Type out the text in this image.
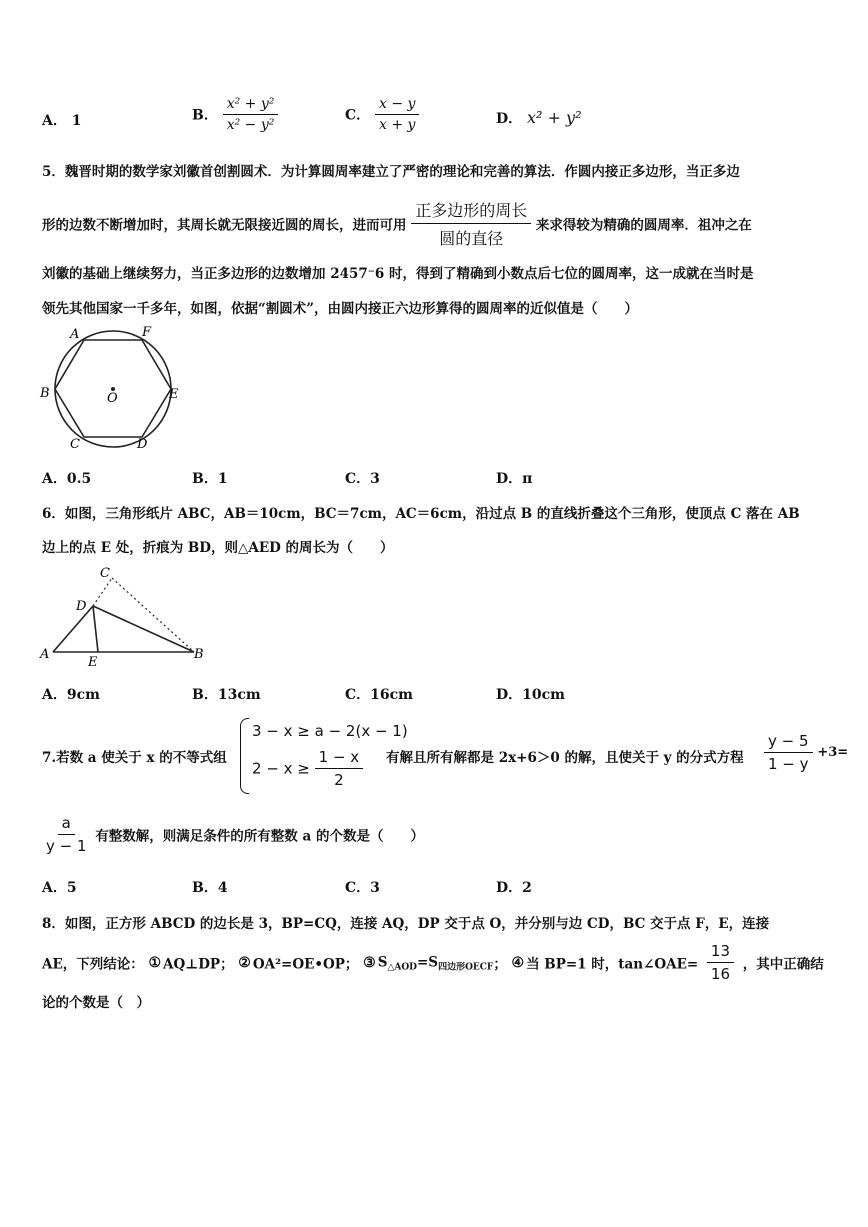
A． 1	B． $\frac{\text{x² + y²}}{\text{x² − y²}}$	C． $\frac{x - y}{x + y}$	D． x² + y²
5．魏晋时期的数学家刘徽首创割圆术．为计算圆周率建立了严密的理论和完善的算法．作圆内接正多边形，当正多边
形的边数不断增加时，其周长就无限接近圆的周长，进而可用 $\frac{\text{正多边形的周长}}{\text{圆的直径}}$ 来求得较为精确的圆周率．祖冲之在
刘徽的基础上继续努力，当正多边形的边数增加 2457⁻6 时，得到了精确到小数点后七位的圆周率，这一成就在当时是
领先其他国家一千多年，如图，依据“割圆术”，由圆内接正六边形算得的圆周率的近似值是（　　）
A	F
B	E
C	D
O
A．0.5	B．1	C．3	D．π
6．如图，三角形纸片 ABC，AB＝10cm，BC＝7cm，AC＝6cm，沿过点 B 的直线折叠这个三角形，使顶点 C 落在 AB
边上的点 E 处，折痕为 BD，则△AED 的周长为（　　）
C
D
A
E
B
A．9cm	B．13cm	C．16cm	D．10cm
7.若数 a 使关于 x 的不等式组
3 − x ≥ a − 2(x − 1)
$2 - x \ge \frac{1 - x}{2}$ 有解且所有解都是 2x+6＞0 的解，且使关于 y 的分式方程 $\frac{y - 5}{1 - y} +3=$
$\frac{a}{y - 1}$ 有整数解，则满足条件的所有整数 a 的个数是（　　）
A．5	B．4	C．3	D．2
8．如图，正方形 ABCD 的边长是 3，BP=CQ，连接 AQ，DP 交于点 O，并分别与边 CD，BC 交于点 F，E，连接
AE，下列结论： ① AQ⊥DP； ② OA²=OE•OP； ③ $S_{\triangle AOD}=S_{四边形OECF}$； ④ 当 BP=1 时，tan∠OAE= $\frac{13}{16}$ ，其中正确结
论的个数是（　）
